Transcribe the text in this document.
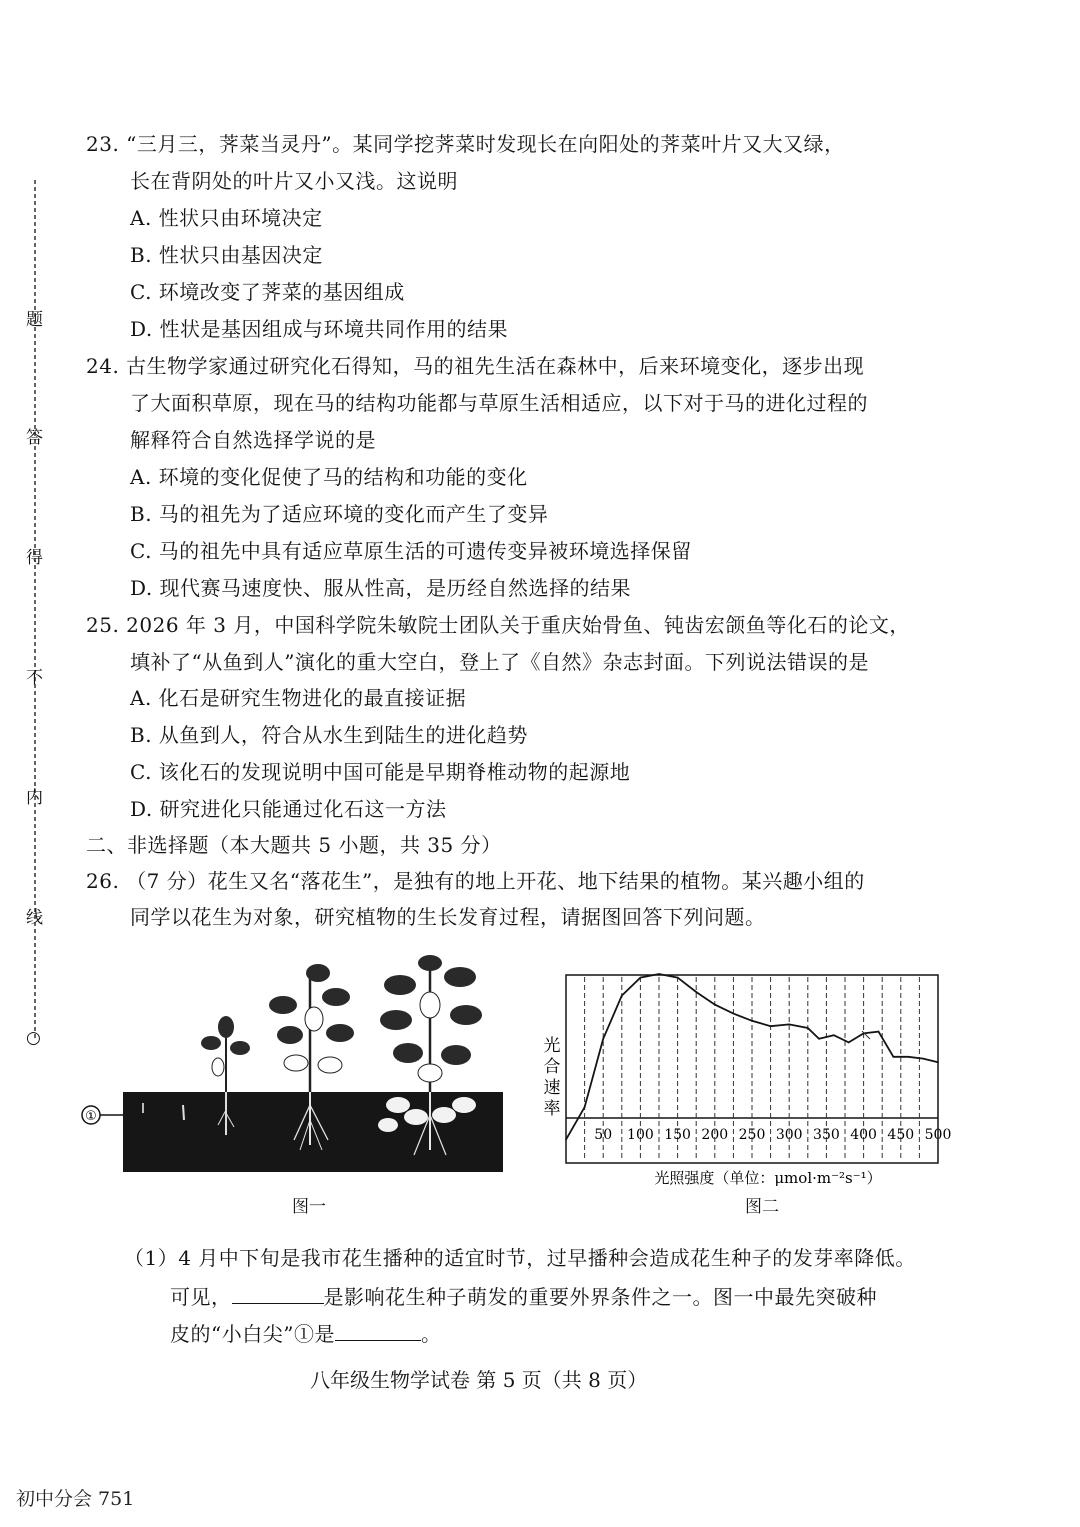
题
答
得
不
内
线
○
23. “三月三，荠菜当灵丹”。某同学挖荠菜时发现长在向阳处的荠菜叶片又大又绿，
长在背阴处的叶片又小又浅。这说明
A. 性状只由环境决定
B. 性状只由基因决定
C. 环境改变了荠菜的基因组成
D. 性状是基因组成与环境共同作用的结果
24. 古生物学家通过研究化石得知，马的祖先生活在森林中，后来环境变化，逐步出现
了大面积草原，现在马的结构功能都与草原生活相适应，以下对于马的进化过程的
解释符合自然选择学说的是
A. 环境的变化促使了马的结构和功能的变化
B. 马的祖先为了适应环境的变化而产生了变异
C. 马的祖先中具有适应草原生活的可遗传变异被环境选择保留
D. 现代赛马速度快、服从性高，是历经自然选择的结果
25. 2026 年 3 月，中国科学院朱敏院士团队关于重庆始骨鱼、钝齿宏颌鱼等化石的论文，
填补了“从鱼到人”演化的重大空白，登上了《自然》杂志封面。下列说法错误的是
A. 化石是研究生物进化的最直接证据
B. 从鱼到人，符合从水生到陆生的进化趋势
C. 该化石的发现说明中国可能是早期脊椎动物的起源地
D. 研究进化只能通过化石这一方法
二、非选择题（本大题共 5 小题，共 35 分）
26. （7 分）花生又名“落花生”，是独有的地上开花、地下结果的植物。某兴趣小组的
同学以花生为对象，研究植物的生长发育过程，请据图回答下列问题。
①
图一
50 100 150 200 250 300 350 400 450 500
光合速率
光照强度（单位：μmol·m⁻²s⁻¹）
图二
（1）4 月中下旬是我市花生播种的适宜时节，过早播种会造成花生种子的发芽率降低。
可见，	是影响花生种子萌发的重要外界条件之一。图一中最先突破种
皮的“小白尖”①是	。
八年级生物学试卷 第 5 页（共 8 页）
初中分会 751
